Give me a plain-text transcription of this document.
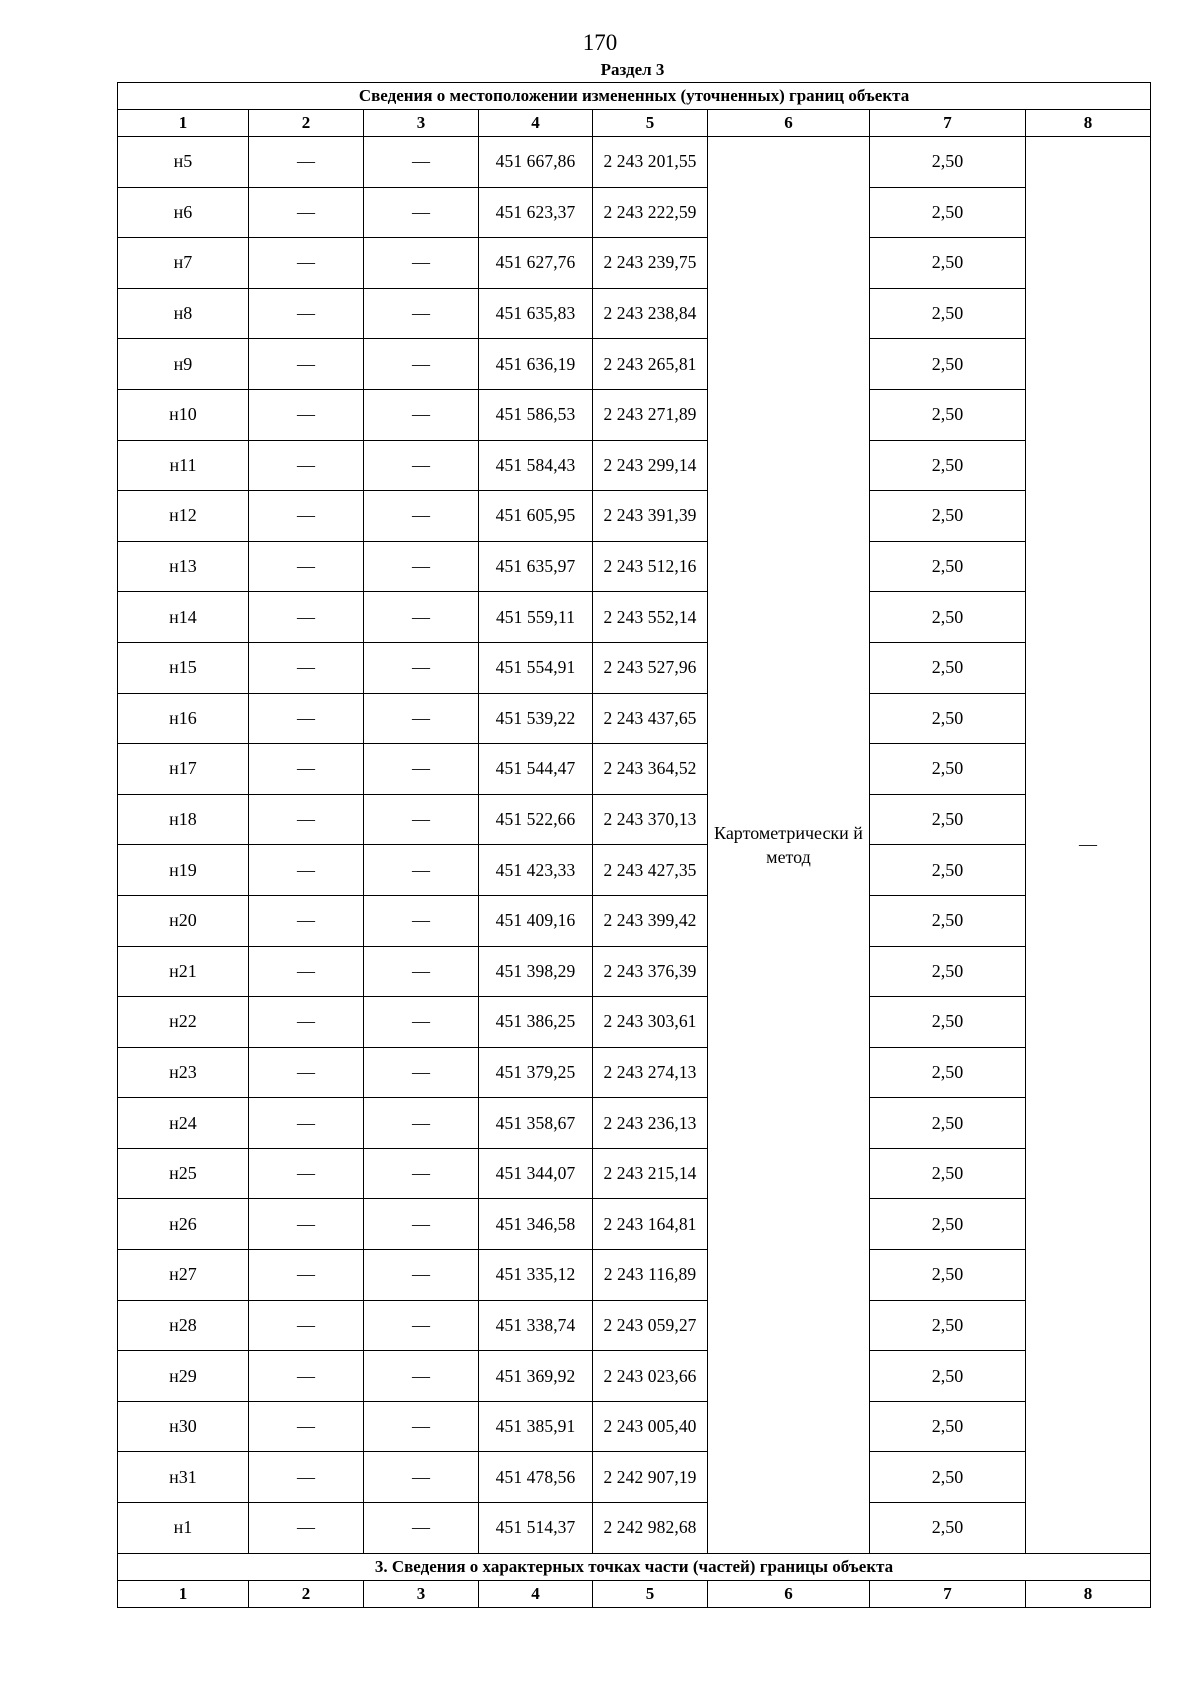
170
Раздел 3
Сведения о местоположении измененных (уточненных) границ объекта							
1	2	3	4	5	6	7	8
н5	—	—	451 667,86	2 243 201,55	Картометрически й метод	2,50	—
н6	—	—	451 623,37	2 243 222,59		2,50	
н7	—	—	451 627,76	2 243 239,75		2,50	
н8	—	—	451 635,83	2 243 238,84		2,50	
н9	—	—	451 636,19	2 243 265,81		2,50	
н10	—	—	451 586,53	2 243 271,89		2,50	
н11	—	—	451 584,43	2 243 299,14		2,50	
н12	—	—	451 605,95	2 243 391,39		2,50	
н13	—	—	451 635,97	2 243 512,16		2,50	
н14	—	—	451 559,11	2 243 552,14		2,50	
н15	—	—	451 554,91	2 243 527,96		2,50	
н16	—	—	451 539,22	2 243 437,65		2,50	
н17	—	—	451 544,47	2 243 364,52		2,50	
н18	—	—	451 522,66	2 243 370,13		2,50	
н19	—	—	451 423,33	2 243 427,35		2,50	
н20	—	—	451 409,16	2 243 399,42		2,50	
н21	—	—	451 398,29	2 243 376,39		2,50	
н22	—	—	451 386,25	2 243 303,61		2,50	
н23	—	—	451 379,25	2 243 274,13		2,50	
н24	—	—	451 358,67	2 243 236,13		2,50	
н25	—	—	451 344,07	2 243 215,14		2,50	
н26	—	—	451 346,58	2 243 164,81		2,50	
н27	—	—	451 335,12	2 243 116,89		2,50	
н28	—	—	451 338,74	2 243 059,27		2,50	
н29	—	—	451 369,92	2 243 023,66		2,50	
н30	—	—	451 385,91	2 243 005,40		2,50	
н31	—	—	451 478,56	2 242 907,19		2,50	
н1	—	—	451 514,37	2 242 982,68		2,50	
3. Сведения о характерных точках части (частей) границы объекта							
1	2	3	4	5	6	7	8
